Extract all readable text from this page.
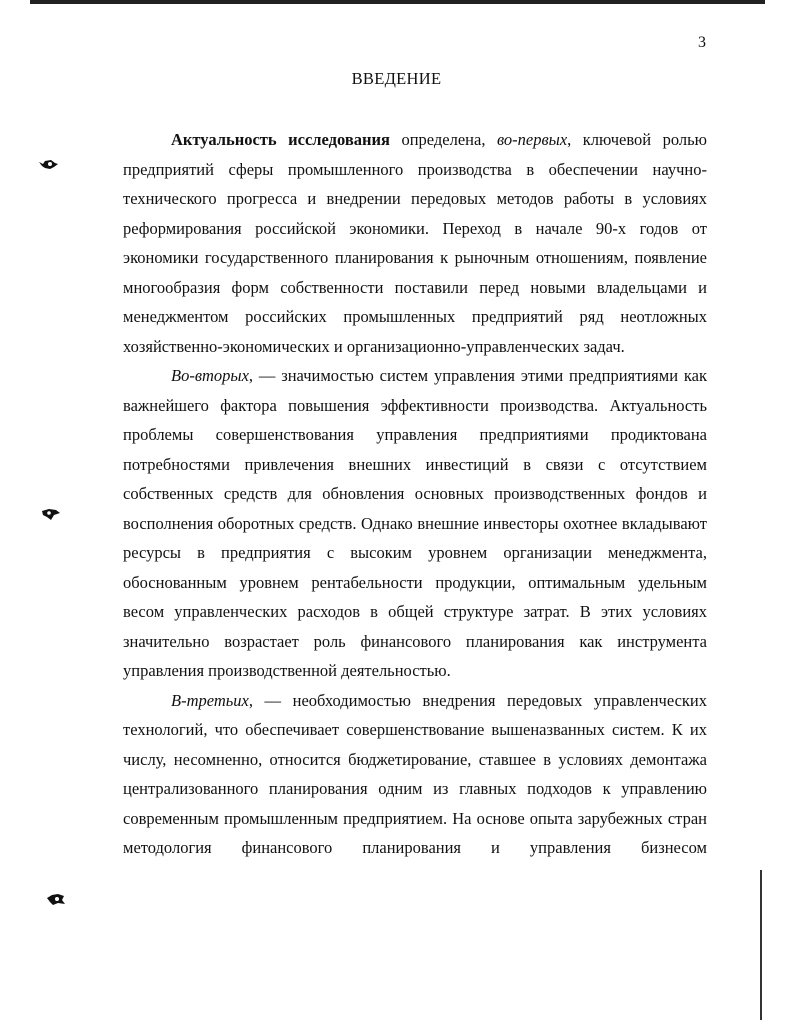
3
ВВЕДЕНИЕ

Актуальность исследования определена, во-первых, ключевой ролью предприятий сферы промышленного производства в обеспечении научно-технического прогресса и внедрении передовых методов работы в условиях реформирования российской экономики. Переход в начале 90-х годов от экономики государственного планирования к рыночным отношениям, появление многообразия форм собственности поставили перед новыми владельцами и менеджментом российских промышленных предприятий ряд неотложных хозяйственно-экономических и организационно-управленческих задач.

Во-вторых, — значимостью систем управления этими предприятиями как важнейшего фактора повышения эффективности производства. Актуальность проблемы совершенствования управления предприятиями продиктована потребностями привлечения внешних инвестиций в связи с отсутствием собственных средств для обновления основных производственных фондов и восполнения оборотных средств. Однако внешние инвесторы охотнее вкладывают ресурсы в предприятия с высоким уровнем организации менеджмента, обоснованным уровнем рентабельности продукции, оптимальным удельным весом управленческих расходов в общей структуре затрат. В этих условиях значительно возрастает роль финансового планирования как инструмента управления производственной деятельностью.

В-третьих, — необходимостью внедрения передовых управленческих технологий, что обеспечивает совершенствование вышеназванных систем. К их числу, несомненно, относится бюджетирование, ставшее в условиях демонтажа централизованного планирования одним из главных подходов к управлению современным промышленным предприятием. На основе опыта зарубежных стран методология финансового планирования и управления бизнесом
